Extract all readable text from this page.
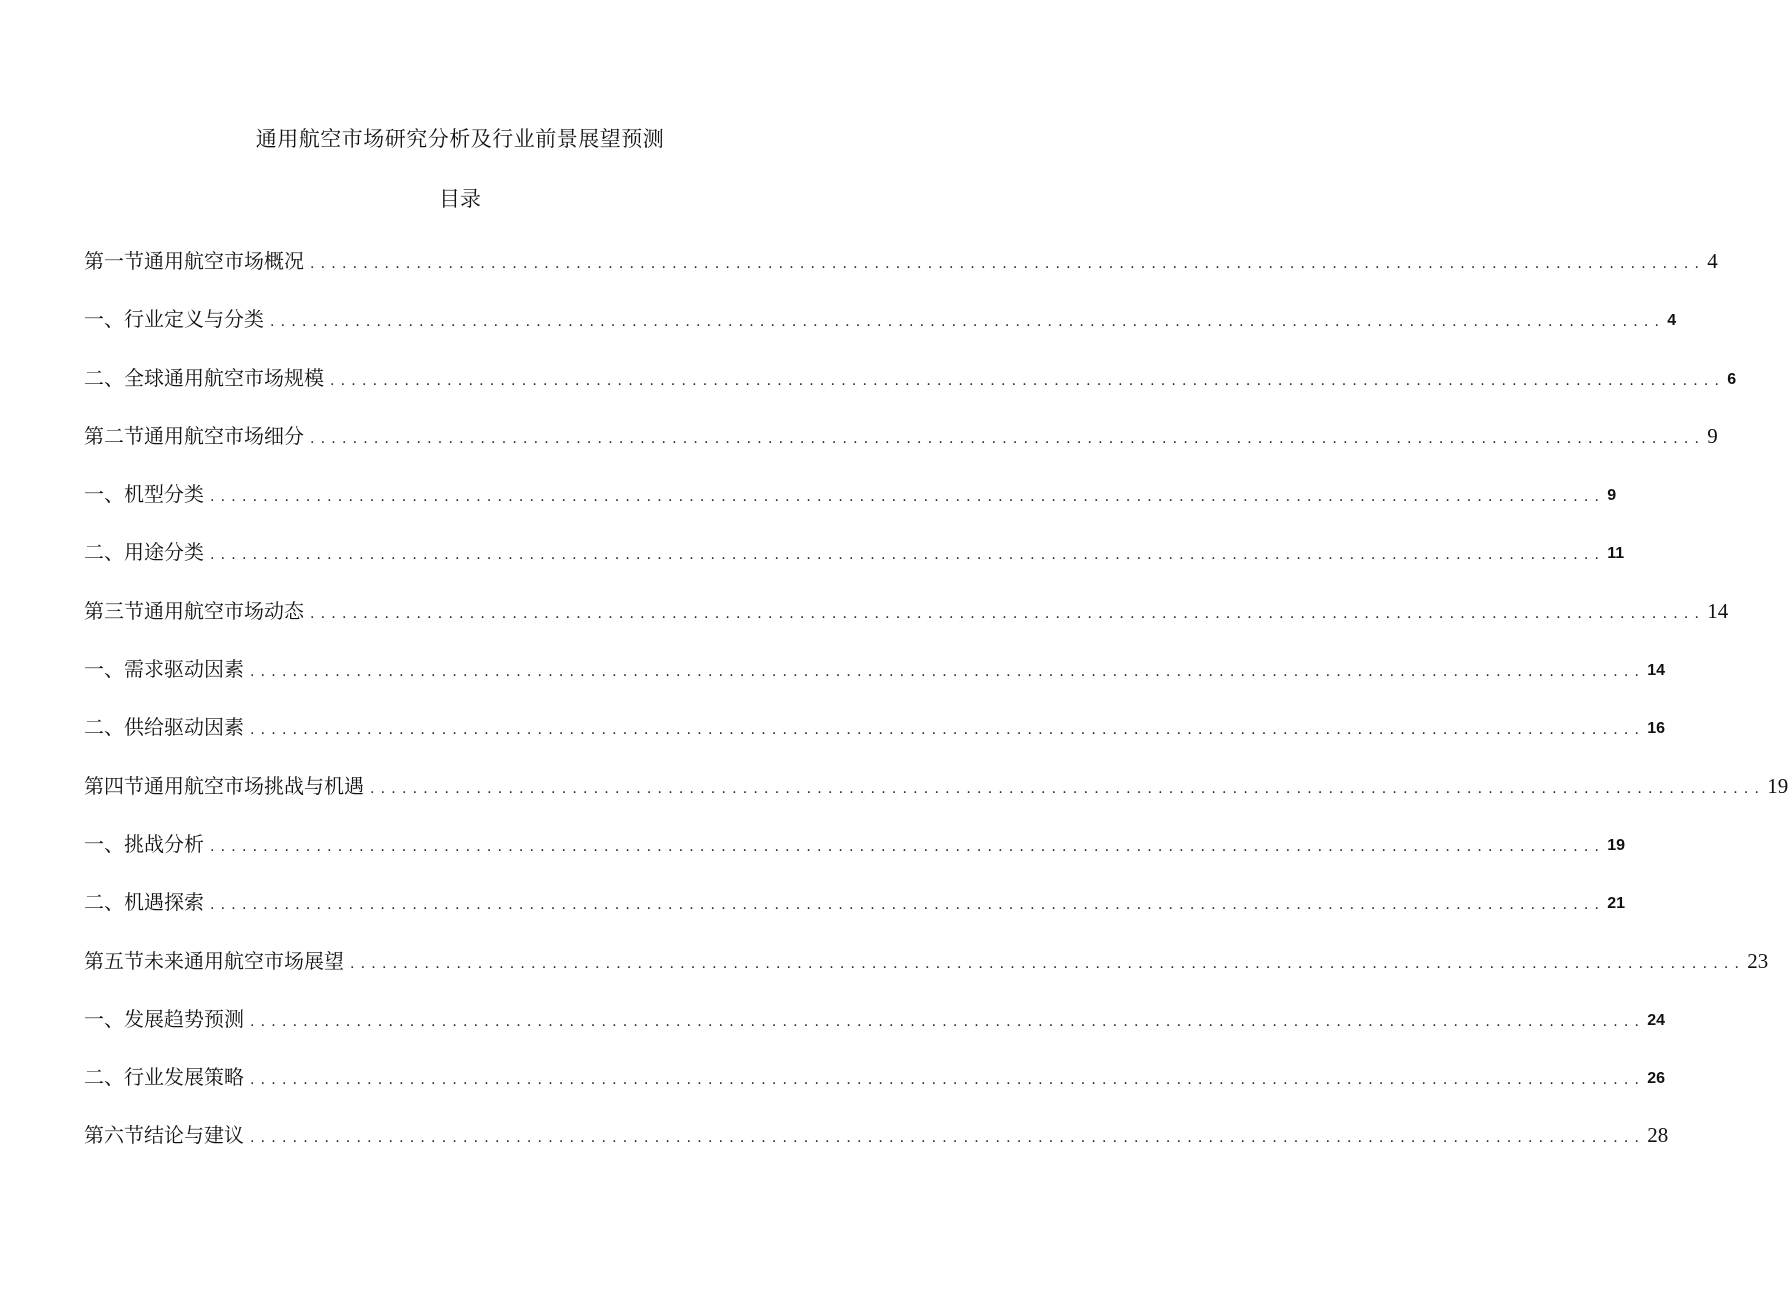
通用航空市场研究分析及行业前景展望预测
目录
第一节通用航空市场概况 ................................................................................................................................... 4
一、行业定义与分类 ................................................................................................................................... 4
二、全球通用航空市场规模 ................................................................................................................................... 6
第二节通用航空市场细分 ................................................................................................................................... 9
一、机型分类 ................................................................................................................................... 9
二、用途分类 ................................................................................................................................... 11
第三节通用航空市场动态 ................................................................................................................................... 14
一、需求驱动因素 ................................................................................................................................... 14
二、供给驱动因素 ................................................................................................................................... 16
第四节通用航空市场挑战与机遇 ................................................................................................................................... 19
一、挑战分析 ................................................................................................................................... 19
二、机遇探索 ................................................................................................................................... 21
第五节未来通用航空市场展望 ................................................................................................................................... 23
一、发展趋势预测 ................................................................................................................................... 24
二、行业发展策略 ................................................................................................................................... 26
第六节结论与建议 ................................................................................................................................... 28
